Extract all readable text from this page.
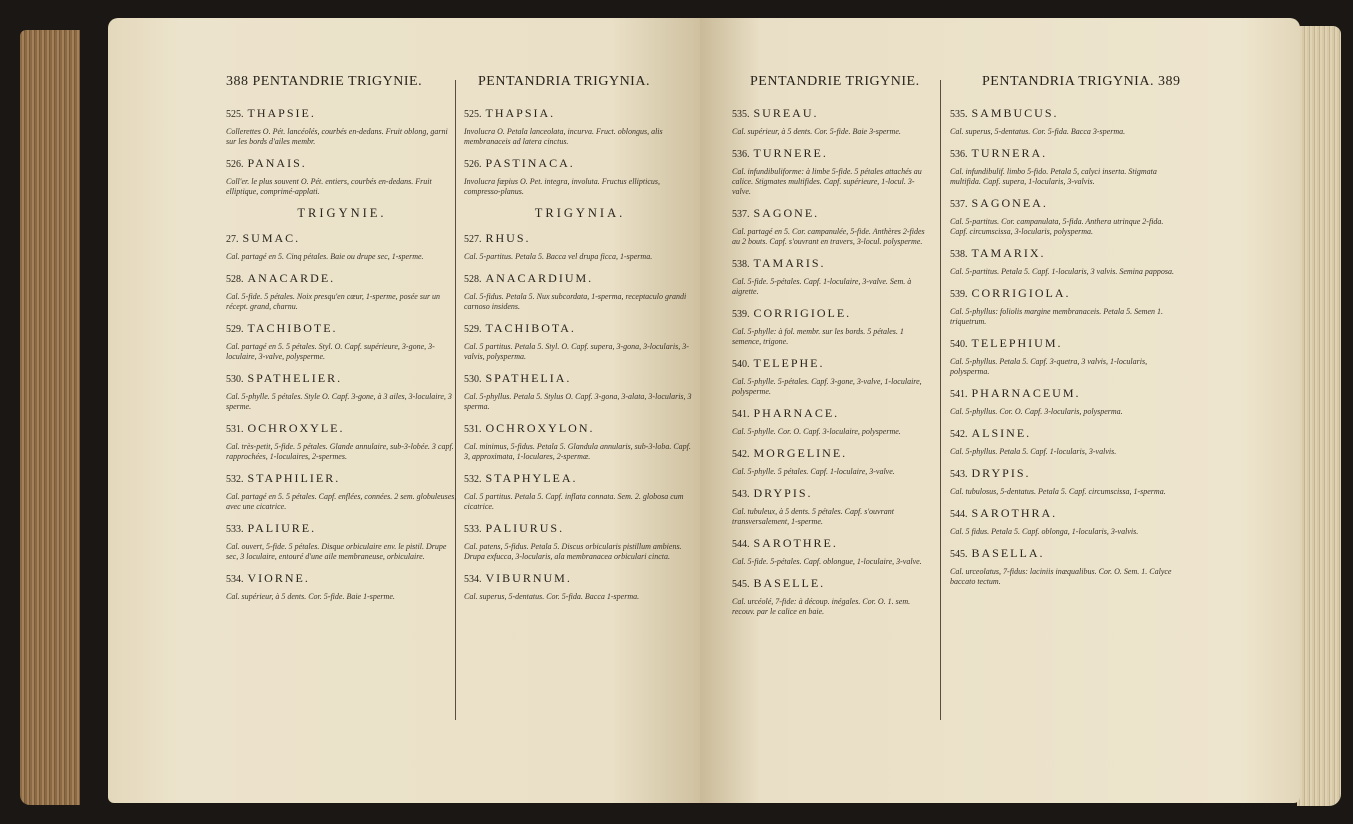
388 PENTANDRIE TRIGYNIE.	PENTANDRIA TRIGYNIA.
525. THAPSIE.
Collerettes O. Pét. lancéolés, courbés en-dedans. Fruit oblong, garni sur les bords d'ailes membr.
526. PANAIS.
Coll'er. le plus souvent O. Pét. entiers, courbés en-dedans. Fruit elliptique, comprimé-applati.
TRIGYNIE.
27. SUMAC.
Cal. partagé en 5. Cinq pétales. Baie ou drupe sec, 1-sperme.
528. ANACARDE.
Cal. 5-fide. 5 pétales. Noix presqu'en cœur, 1-sperme, posée sur un récept. grand, charnu.
529. TACHIBOTE.
Cal. partagé en 5. 5 pétales. Styl. O. Capf. supérieure, 3-gone, 3-loculaire, 3-valve, polysperme.
530. SPATHELIER.
Cal. 5-phylle. 5 pétales. Style O. Capf. 3-gone, à 3 ailes, 3-loculaire, 3 sperme.
531. OCHROXYLE.
Cal. très-petit, 5-fide. 5 pétales. Glande annulaire, sub-3-lobée. 3 capf. rapprochées, 1-loculaires, 2-spermes.
532. STAPHILIER.
Cal. partagé en 5. 5 pétales. Capf. enflées, connées. 2 sem. globuleuses, avec une cicatrice.
533. PALIURE.
Cal. ouvert, 5-fide. 5 pétales. Disque orbiculaire env. le pistil. Drupe sec, 3 loculaire, entouré d'une aile membraneuse, orbiculaire.
534. VIORNE.
Cal. supérieur, à 5 dents. Cor. 5-fide. Baie 1-sperme.
525. THAPSIA.
Involucra O. Petala lanceolata, incurva. Fruct. oblongus, alis membranaceis ad latera cinctus.
526. PASTINACA.
Involucra fæpius O. Pet. integra, involuta. Fructus ellipticus, compresso-planus.
TRIGYNIA.
527. RHUS.
Cal. 5-partitus. Petala 5. Bacca vel drupa ficca, 1-sperma.
528. ANACARDIUM.
Cal. 5-fidus. Petala 5. Nux subcordata, 1-sperma, receptaculo grandi carnoso insidens.
529. TACHIBOTA.
Cal. 5 partitus. Petala 5. Styl. O. Capf. supera, 3-gona, 3-locularis, 3-valvis, polysperma.
530. SPATHELIA.
Cal. 5-phyllus. Petala 5. Stylus O. Capf. 3-gona, 3-alata, 3-locularis, 3 sperma.
531. OCHROXYLON.
Cal. minimus, 5-fidus. Petala 5. Glandula annularis, sub-3-loba. Capf. 3, approximata, 1-loculares, 2-spermæ.
532. STAPHYLEA.
Cal. 5 partitus. Petala 5. Capf. inflata connata. Sem. 2. globosa cum cicatrice.
533. PALIURUS.
Cal. patens, 5-fidus. Petala 5. Discus orbicularis pistillum ambiens. Drupa exfucca, 3-locularis, ala membranacea orbiculari cincta.
534. VIBURNUM.
Cal. superus, 5-dentatus. Cor. 5-fida. Bacca 1-sperma.
PENTANDRIE TRIGYNIE.	PENTANDRIA TRIGYNIA. 389
535. SUREAU.
Cal. supérieur, à 5 dents. Cor. 5-fide. Baie 3-sperme.
536. TURNERE.
Cal. infundibuliforme: à limbe 5-fide. 5 pétales attachés au calice. Stigmates multifides. Capf. supérieure, 1-locul. 3-valve.
537. SAGONE.
Cal. partagé en 5. Cor. campanulée, 5-fide. Anthères 2-fides au 2 bouts. Capf. s'ouvrant en travers, 3-locul. polysperme.
538. TAMARIS.
Cal. 5-fide. 5-pétales. Capf. 1-loculaire, 3-valve. Sem. à aigrette.
539. CORRIGIOLE.
Cal. 5-phylle: à fol. membr. sur les bords. 5 pétales. 1 semence, trigone.
540. TELEPHE.
Cal. 5-phylle. 5-pétales. Capf. 3-gone, 3-valve, 1-loculaire, polysperme.
541. PHARNACE.
Cal. 5-phylle. Cor. O. Capf. 3-loculaire, polysperme.
542. MORGELINE.
Cal. 5-phylle. 5 pétales. Capf. 1-loculaire, 3-valve.
543. DRYPIS.
Cal. tubuleux, à 5 dents. 5 pétales. Capf. s'ouvrant transversalement, 1-sperme.
544. SAROTHRE.
Cal. 5-fide. 5-pétales. Capf. oblongue, 1-loculaire, 3-valve.
545. BASELLE.
Cal. urcéolé, 7-fide: à découp. inégales. Cor. O. 1. sem. recouv. par le calice en baie.
535. SAMBUCUS.
Cal. superus, 5-dentatus. Cor. 5-fida. Bacca 3-sperma.
536. TURNERA.
Cal. infundibulif. limbo 5-fido. Petala 5, calyci inserta. Stigmata multifida. Capf. supera, 1-locularis, 3-valvis.
537. SAGONEA.
Cal. 5-partitus. Cor. campanulata, 5-fida. Anthera utrinque 2-fida. Capf. circumscissa, 3-locularis, polysperma.
538. TAMARIX.
Cal. 5-partitus. Petala 5. Capf. 1-locularis, 3 valvis. Semina papposa.
539. CORRIGIOLA.
Cal. 5-phyllus: foliolis margine membranaceis. Petala 5. Semen 1. triquetrum.
540. TELEPHIUM.
Cal. 5-phyllus. Petala 5. Capf. 3-quetra, 3 valvis, 1-locularis, polysperma.
541. PHARNACEUM.
Cal. 5-phyllus. Cor. O. Capf. 3-locularis, polysperma.
542. ALSINE.
Cal. 5-phyllus. Petala 5. Capf. 1-locularis, 3-valvis.
543. DRYPIS.
Cal. tubulosus, 5-dentatus. Petala 5. Capf. circumscissa, 1-sperma.
544. SAROTHRA.
Cal. 5 fidus. Petala 5. Capf. oblonga, 1-locularis, 3-valvis.
545. BASELLA.
Cal. urceolatus, 7-fidus: laciniis inæqualibus. Cor. O. Sem. 1. Calyce baccato tectum.
